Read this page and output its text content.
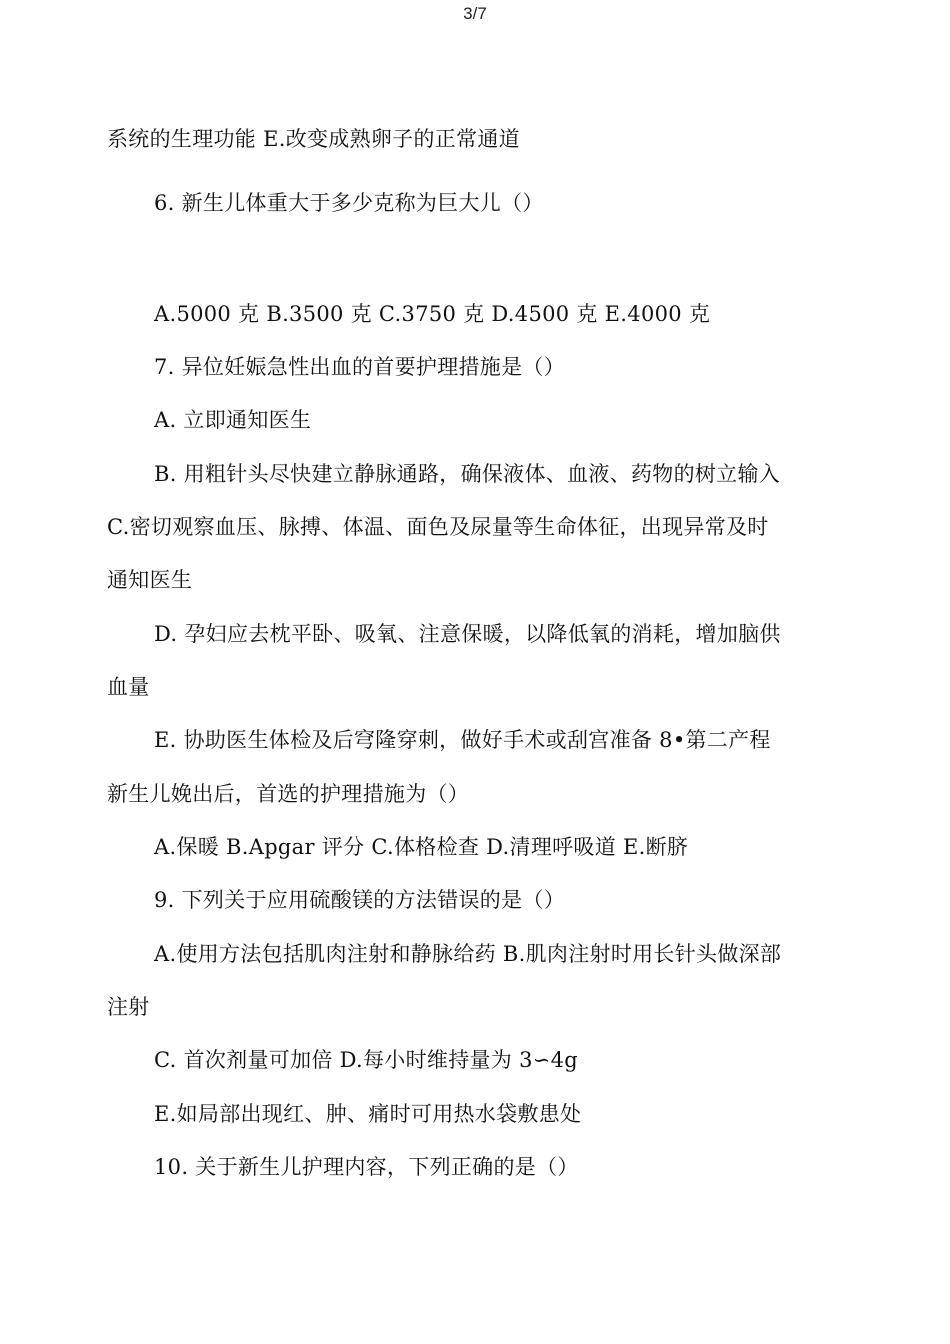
3/7
系统的生理功能 E.改变成熟卵子的正常通道
6. 新生儿体重大于多少克称为巨大儿（）
A.5000 克 B.3500 克 C.3750 克 D.4500 克 E.4000 克
7. 异位妊娠急性出血的首要护理措施是（）
A. 立即通知医生
B. 用粗针头尽快建立静脉通路，确保液体、血液、药物的树立输入
C.密切观察血压、脉搏、体温、面色及尿量等生命体征，出现异常及时
通知医生
D. 孕妇应去枕平卧、吸氧、注意保暖，以降低氧的消耗，增加脑供
血量
E. 协助医生体检及后穹隆穿刺，做好手术或刮宫准备 8•第二产程
新生儿娩出后，首选的护理措施为（）
A.保暖 B.Apgar 评分 C.体格检查 D.清理呼吸道 E.断脐
9. 下列关于应用硫酸镁的方法错误的是（）
A.使用方法包括肌肉注射和静脉给药 B.肌肉注射时用长针头做深部
注射
C. 首次剂量可加倍 D.每小时维持量为 3∽4g
E.如局部出现红、肿、痛时可用热水袋敷患处
10. 关于新生儿护理内容，下列正确的是（）
